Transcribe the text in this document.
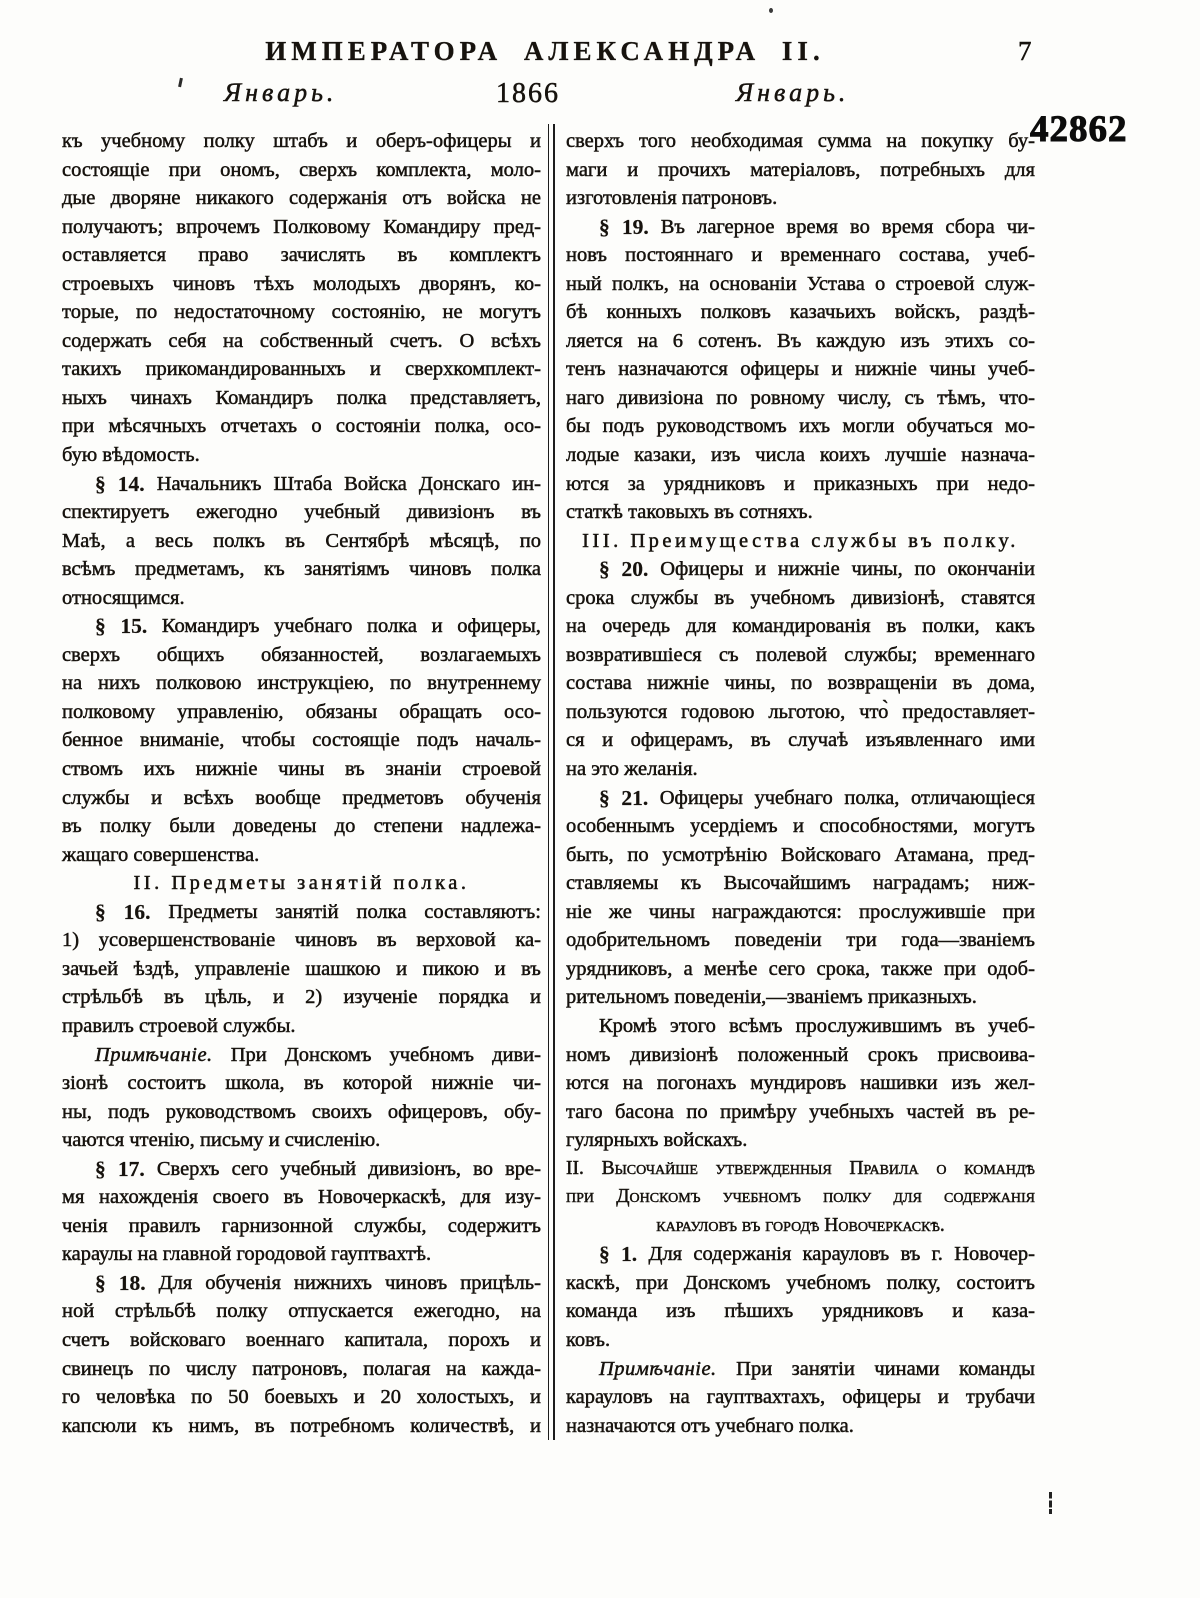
ИМПЕРАТОРА АЛЕКСАНДРА II.	7
Январь.	1866	Январь.
42862
къ учебному полку штабъ и оберъ-офицеры и
состоящіе при ономъ, сверхъ комплекта, моло-
дые дворяне никакого содержанія отъ войска не
получаютъ; впрочемъ Полковому Командиру пред-
оставляется право зачислять въ комплектъ
строевыхъ чиновъ тѣхъ молодыхъ дворянъ, ко-
торые, по недостаточному состоянію, не могутъ
содержать себя на собственный счетъ. О всѣхъ
такихъ прикомандированныхъ и сверхкомплект-
ныхъ чинахъ Командиръ полка представляетъ,
при мѣсячныхъ отчетахъ о состояніи полка, осо-
бую вѣдомость.
§ 14. Начальникъ Штаба Войска Донскаго ин-
спектируетъ ежегодно учебный дивизіонъ въ
Маѣ, а весь полкъ въ Сентябрѣ мѣсяцѣ, по
всѣмъ предметамъ, къ занятіямъ чиновъ полка
относящимся.
§ 15. Командиръ учебнаго полка и офицеры,
сверхъ общихъ обязанностей, возлагаемыхъ
на нихъ полковою инструкціею, по внутреннему
полковому управленію, обязаны обращать осо-
бенное вниманіе, чтобы состоящіе подъ началь-
ствомъ ихъ нижніе чины въ знаніи строевой
службы и всѣхъ вообще предметовъ обученія
въ полку были доведены до степени надлежа-
жащаго совершенства.
II. Предметы занятій полка.
§ 16. Предметы занятій полка составляютъ:
1) усовершенствованіе чиновъ въ верховой ка-
зачьей ѣздѣ, управленіе шашкою и пикою и въ
стрѣльбѣ въ цѣль, и 2) изученіе порядка и
правилъ строевой службы.
Примѣчаніе. При Донскомъ учебномъ диви-
зіонѣ состоитъ школа, въ которой нижніе чи-
ны, подъ руководствомъ своихъ офицеровъ, обу-
чаются чтенію, письму и счисленію.
§ 17. Сверхъ сего учебный дивизіонъ, во вре-
мя нахожденія своего въ Новочеркаскѣ, для изу-
ченія правилъ гарнизонной службы, содержитъ
караулы на главной городовой гауптвахтѣ.
§ 18. Для обученія нижнихъ чиновъ прицѣль-
ной стрѣльбѣ полку отпускается ежегодно, на
счетъ войсковаго военнаго капитала, порохъ и
свинецъ по числу патроновъ, полагая на кажда-
го человѣка по 50 боевыхъ и 20 холостыхъ, и
капсюли къ нимъ, въ потребномъ количествѣ, и
сверхъ того необходимая сумма на покупку бу-
маги и прочихъ матеріаловъ, потребныхъ для
изготовленія патроновъ.
§ 19. Въ лагерное время во время сбора чи-
новъ постояннаго и временнаго состава, учеб-
ный полкъ, на основаніи Устава о строевой служ-
бѣ конныхъ полковъ казачьихъ войскъ, раздѣ-
ляется на 6 сотенъ. Въ каждую изъ этихъ со-
тенъ назначаются офицеры и нижніе чины учеб-
наго дивизіона по ровному числу, съ тѣмъ, что-
бы подъ руководствомъ ихъ могли обучаться мо-
лодые казаки, изъ числа коихъ лучшіе назнача-
ются за урядниковъ и приказныхъ при недо-
статкѣ таковыхъ въ сотняхъ.
III. Преимущества службы въ полку.
§ 20. Офицеры и нижніе чины, по окончаніи
срока службы въ учебномъ дивизіонѣ, ставятся
на очередь для командированія въ полки, какъ
возвратившіеся съ полевой службы; временнаго
состава нижніе чины, по возвращеніи въ дома,
пользуются годовою льготою, что̀ предоставляет-
ся и офицерамъ, въ случаѣ изъявленнаго ими
на это желанія.
§ 21. Офицеры учебнаго полка, отличающіеся
особеннымъ усердіемъ и способностями, могутъ
быть, по усмотрѣнію Войсковаго Атамана, пред-
ставляемы къ Высочайшимъ наградамъ; ниж-
ніе же чины награждаются: прослужившіе при
одобрительномъ поведеніи три года—званіемъ
урядниковъ, а менѣе сего срока, также при одоб-
рительномъ поведеніи,—званіемъ приказныхъ.
Кромѣ этого всѣмъ прослужившимъ въ учеб-
номъ дивизіонѣ положенный срокъ присвоива-
ются на погонахъ мундировъ нашивки изъ жел-
таго басона по примѣру учебныхъ частей въ ре-
гулярныхъ войскахъ.
II. Высочайше утвержденныя Правила о командѣ
при Донскомъ учебномъ полку для содержанія
карауловъ въ городѣ Новочеркаскѣ.
§ 1. Для содержанія карауловъ въ г. Новочер-
каскѣ, при Донскомъ учебномъ полку, состоитъ
команда изъ пѣшихъ урядниковъ и каза-
ковъ.
Примѣчаніе. При занятіи чинами команды
карауловъ на гауптвахтахъ, офицеры и трубачи
назначаются отъ учебнаго полка.
